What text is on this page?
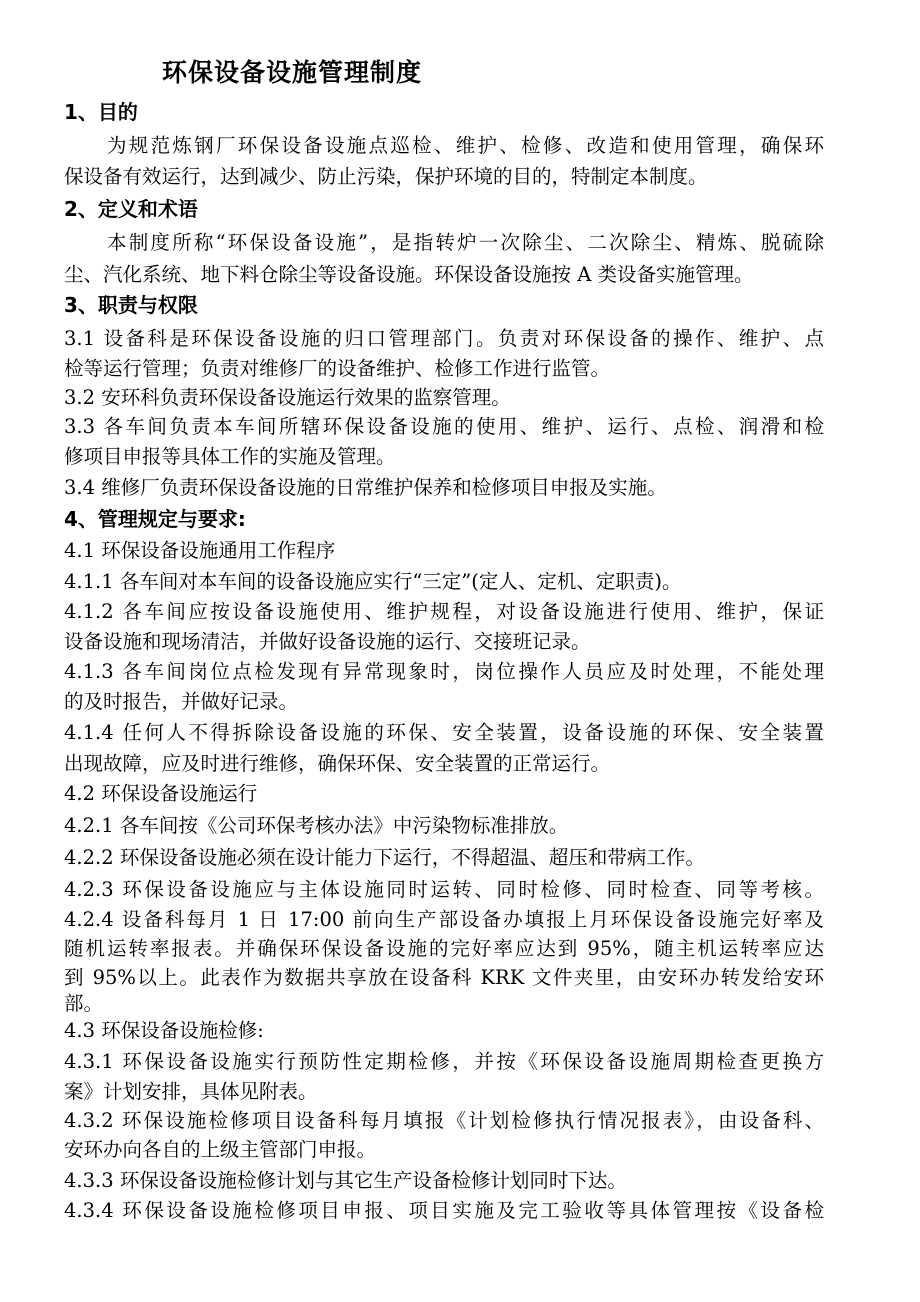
环保设备设施管理制度
1、目的
为规范炼钢厂环保设备设施点巡检、维护、检修、改造和使用管理，确保环
保设备有效运行，达到减少、防止污染，保护环境的目的，特制定本制度。
2、定义和术语
本制度所称“环保设备设施”，是指转炉一次除尘、二次除尘、精炼、脱硫除
尘、汽化系统、地下料仓除尘等设备设施。环保设备设施按 A 类设备实施管理。
3、职责与权限
3.1 设备科是环保设备设施的归口管理部门。负责对环保设备的操作、维护、点
检等运行管理；负责对维修厂的设备维护、检修工作进行监管。
3.2 安环科负责环保设备设施运行效果的监察管理。
3.3 各车间负责本车间所辖环保设备设施的使用、维护、运行、点检、润滑和检
修项目申报等具体工作的实施及管理。
3.4 维修厂负责环保设备设施的日常维护保养和检修项目申报及实施。
4、管理规定与要求:
4.1 环保设备设施通用工作程序
4.1.1 各车间对本车间的设备设施应实行“三定”(定人、定机、定职责)。
4.1.2 各车间应按设备设施使用、维护规程，对设备设施进行使用、维护，保证
设备设施和现场清洁，并做好设备设施的运行、交接班记录。
4.1.3 各车间岗位点检发现有异常现象时，岗位操作人员应及时处理，不能处理
的及时报告，并做好记录。
4.1.4 任何人不得拆除设备设施的环保、安全装置，设备设施的环保、安全装置
出现故障，应及时进行维修，确保环保、安全装置的正常运行。
4.2 环保设备设施运行
4.2.1 各车间按《公司环保考核办法》中污染物标准排放。
4.2.2 环保设备设施必须在设计能力下运行，不得超温、超压和带病工作。
4.2.3 环保设备设施应与主体设施同时运转、同时检修、同时检查、同等考核。
4.2.4 设备科每月 1 日 17:00 前向生产部设备办填报上月环保设备设施完好率及
随机运转率报表。并确保环保设备设施的完好率应达到 95%，随主机运转率应达
到 95%以上。此表作为数据共享放在设备科 KRK 文件夹里，由安环办转发给安环
部。
4.3 环保设备设施检修:
4.3.1 环保设备设施实行预防性定期检修，并按《环保设备设施周期检查更换方
案》计划安排，具体见附表。
4.3.2 环保设施检修项目设备科每月填报《计划检修执行情况报表》，由设备科、
安环办向各自的上级主管部门申报。
4.3.3 环保设备设施检修计划与其它生产设备检修计划同时下达。
4.3.4 环保设备设施检修项目申报、项目实施及完工验收等具体管理按《设备检
